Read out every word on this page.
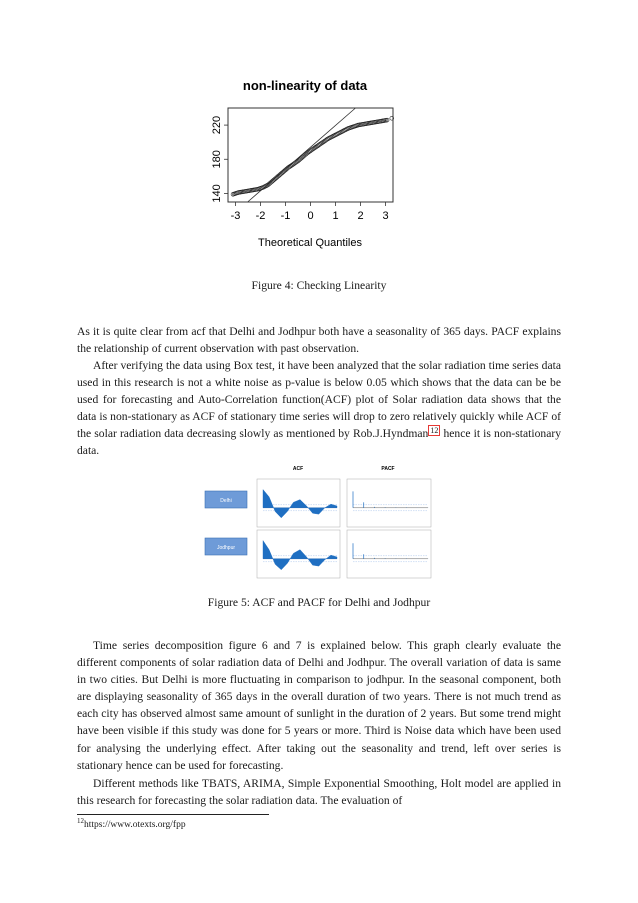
non-linearity of data
-3 -2 -1 0 1 2 3
140
180
220
Theoretical Quantiles
Figure 4: Checking Linearity

As it is quite clear from acf that Delhi and Jodhpur both have a seasonality of 365 days. PACF explains the relationship of current observation with past observation.

After verifying the data using Box test, it have been analyzed that the solar radiation time series data used in this research is not a white noise as p-value is below 0.05 which shows that the data can be be used for forecasting and Auto-Correlation function(ACF) plot of Solar radiation data shows that the data is non-stationary as ACF of stationary time series will drop to zero relatively quickly while ACF of the solar radiation data decreasing slowly as mentioned by Rob.J.Hyndman $^{12}$ hence it is non-stationary data.

ACF	PACF
Delhi
Jodhpur
Figure 5: ACF and PACF for Delhi and Jodhpur

Time series decomposition figure 6 and 7 is explained below. This graph clearly evaluate the different components of solar radiation data of Delhi and Jodhpur. The overall variation of data is same in two cities. But Delhi is more fluctuating in comparison to jodhpur. In the seasonal component, both are displaying seasonality of 365 days in the overall duration of two years. There is not much trend as each city has observed almost same amount of sunlight in the duration of 2 years. But some trend might have been visible if this study was done for 5 years or more. Third is Noise data which have been used for analysing the underlying effect. After taking out the seasonality and trend, left over series is stationary hence can be used for forecasting.

Different methods like TBATS, ARIMA, Simple Exponential Smoothing, Holt model are applied in this research for forecasting the solar radiation data. The evaluation of

$^{12}$https://www.otexts.org/fpp
